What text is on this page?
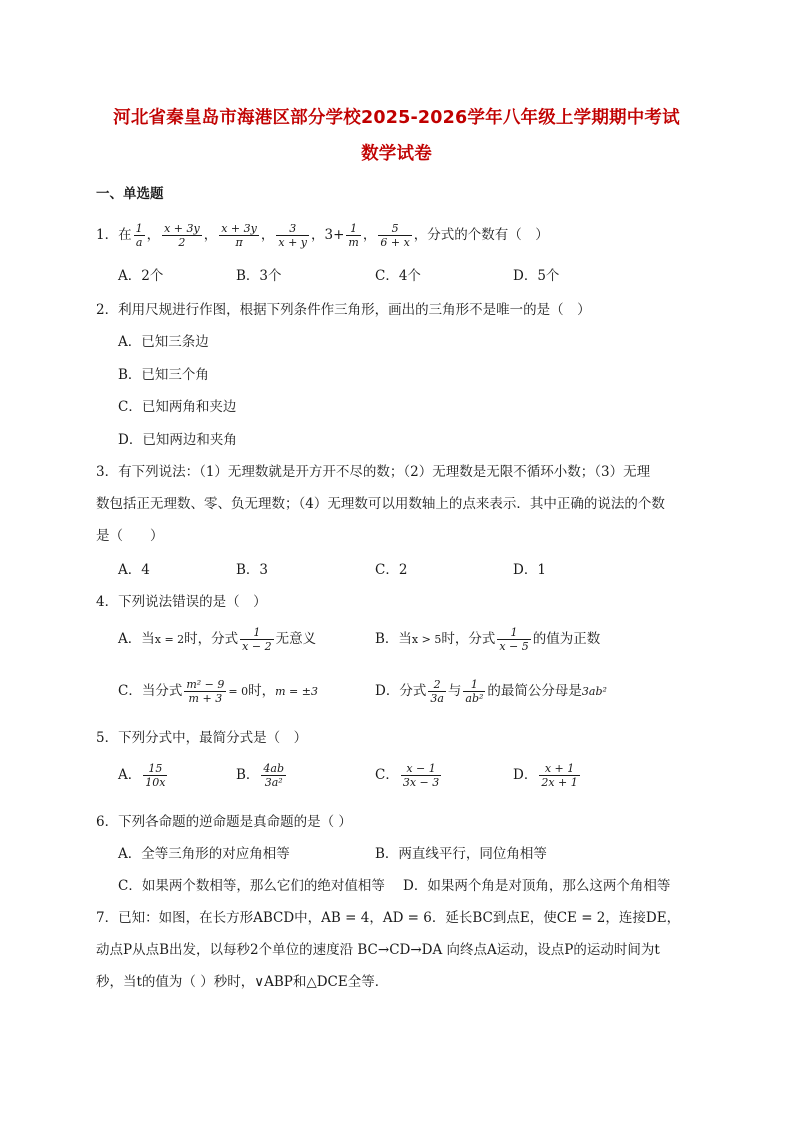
河北省秦皇岛市海港区部分学校2025-2026学年八年级上学期期中考试
数学试卷
一、单选题
1．在 $\frac{1}{a}$ ， $\frac{x + 3y}{2}$ ， $\frac{x + 3y}{\pi}$ ， $\frac{3}{x + y}$ ，$3+ \frac{1}{m}$ ， $\frac{5}{6 + x}$ ，分式的个数有（　）
A．2个	B．3个	C．4个	D．5个
2．利用尺规进行作图，根据下列条件作三角形，画出的三角形不是唯一的是（　）
A．已知三条边
B．已知三个角
C．已知两角和夹边
D．已知两边和夹角
3．有下列说法：（1）无理数就是开方开不尽的数；（2）无理数是无限不循环小数；（3）无理
数包括正无理数、零、负无理数；（4）无理数可以用数轴上的点来表示．其中正确的说法的个数
是（　　）
A．4	B．3	C．2	D．1
4．下列说法错误的是（　）
A．当x = 2时，分式 $\frac{1}{x - 2}$ 无意义	B．当x > 5时，分式 $\frac{1}{x - 5}$ 的值为正数
C．当分式 $\frac{\text{m² − 9}}{m + 3} = 0$时，m = ±3	D．分式 $\frac{2}{3a}$ 与 $\frac{1}{\text{ab²}}$ 的最简公分母是3ab²
5．下列分式中，最简分式是（　）
A． $\frac{15}{10x}$	B． $\frac{4ab}{\text{3a²}}$	C． $\frac{x - 1}{3x - 3}$	D． $\frac{x + 1}{2x + 1}$
6．下列各命题的逆命题是真命题的是（ ）
A．全等三角形的对应角相等	B．两直线平行，同位角相等
C．如果两个数相等，那么它们的绝对值相等 D．如果两个角是对顶角，那么这两个角相等
7．已知：如图，在长方形ABCD中，AB = 4，AD = 6．延长BC到点E，使CE = 2，连接DE，
动点P从点B出发，以每秒2个单位的速度沿 BC→CD→DA 向终点A运动，设点P的运动时间为t
秒，当t的值为（ ）秒时，∨ABP和△DCE全等．
